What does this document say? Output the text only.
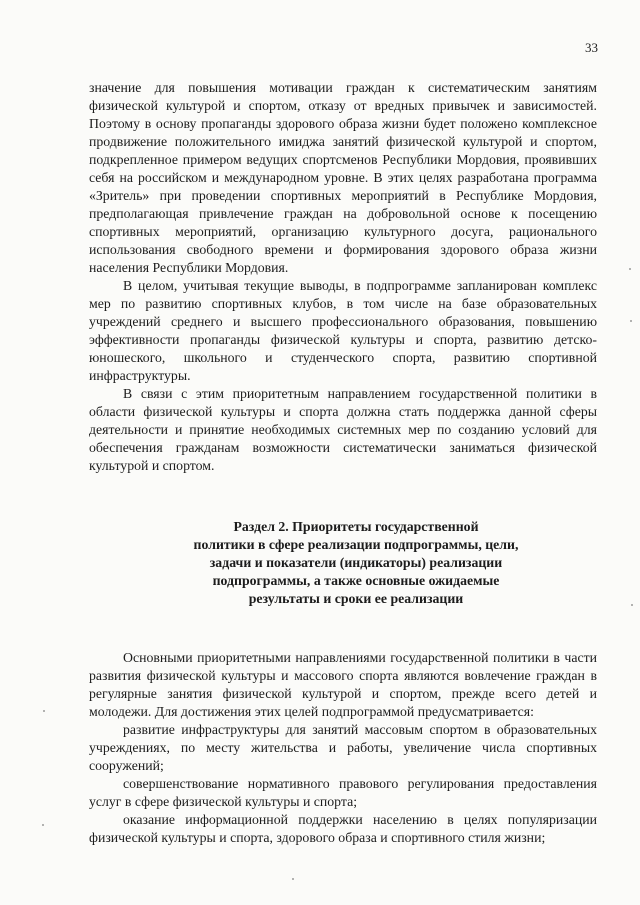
33

значение для повышения мотивации граждан к систематическим занятиям физической культурой и спортом, отказу от вредных привычек и зависимостей. Поэтому в основу пропаганды здорового образа жизни будет положено комплексное продвижение положительного имиджа занятий физической культурой и спортом, подкрепленное примером ведущих спортсменов Республики Мордовия, проявивших себя на российском и международном уровне. В этих целях разработана программа «Зритель» при проведении спортивных мероприятий в Республике Мордовия, предполагающая привлечение граждан на добровольной основе к посещению спортивных мероприятий, организацию культурного досуга, рационального использования свободного времени и формирования здорового образа жизни населения Республики Мордовия.

В целом, учитывая текущие выводы, в подпрограмме запланирован комплекс мер по развитию спортивных клубов, в том числе на базе образовательных учреждений среднего и высшего профессионального образования, повышению эффективности пропаганды физической культуры и спорта, развитию детско-юношеского, школьного и студенческого спорта, развитию спортивной инфраструктуры.

В связи с этим приоритетным направлением государственной политики в области физической культуры и спорта должна стать поддержка данной сферы деятельности и принятие необходимых системных мер по созданию условий для обеспечения гражданам возможности систематически заниматься физической культурой и спортом.

Раздел 2. Приоритеты государственной
политики в сфере реализации подпрограммы, цели,
задачи и показатели (индикаторы) реализации
подпрограммы, а также основные ожидаемые
результаты и сроки ее реализации

Основными приоритетными направлениями государственной политики в части развития физической культуры и массового спорта являются вовлечение граждан в регулярные занятия физической культурой и спортом, прежде всего детей и молодежи. Для достижения этих целей подпрограммой предусматривается:

развитие инфраструктуры для занятий массовым спортом в образовательных учреждениях, по месту жительства и работы, увеличение числа спортивных сооружений;

совершенствование нормативного правового регулирования предоставления услуг в сфере физической культуры и спорта;

оказание информационной поддержки населению в целях популяризации физической культуры и спорта, здорового образа и спортивного стиля жизни;
